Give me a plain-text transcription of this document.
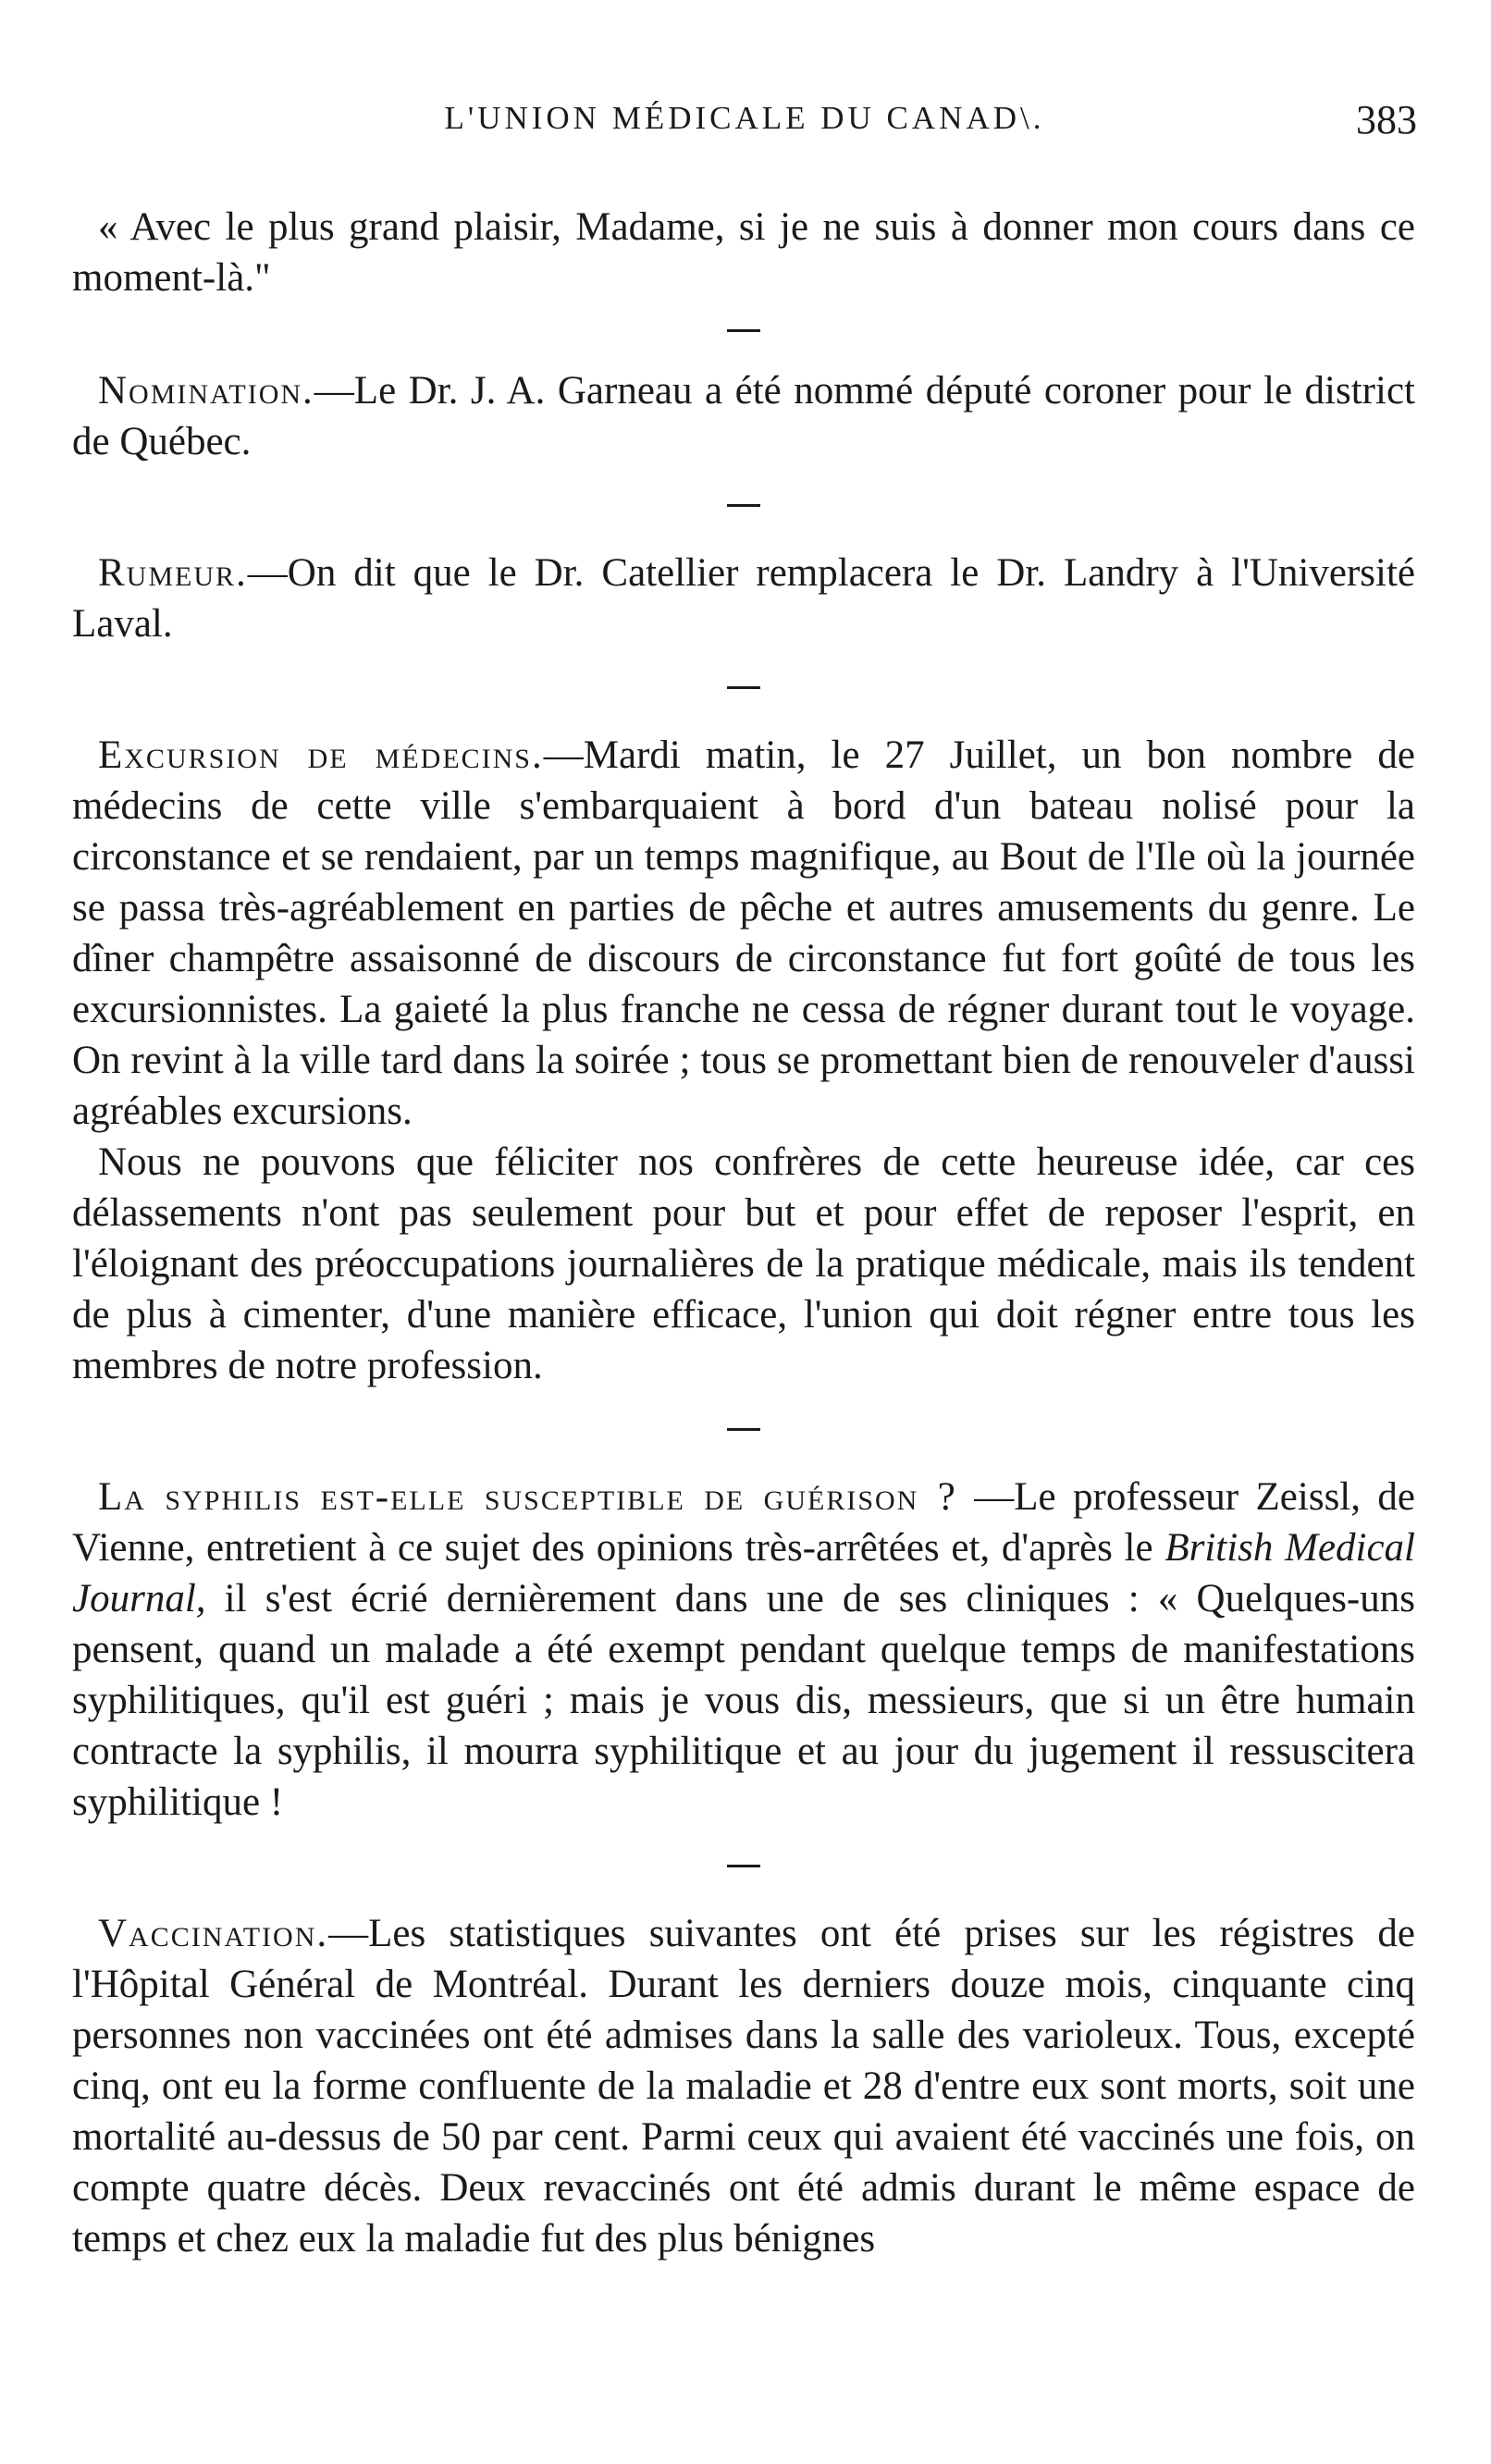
L'UNION MÉDICALE DU CANAD\.	383

« Avec le plus grand plaisir, Madame, si je ne suis à donner mon cours dans ce moment-là."

Nomination.—Le Dr. J. A. Garneau a été nommé député coroner pour le district de Québec.

Rumeur.—On dit que le Dr. Catellier remplacera le Dr. Landry à l'Université Laval.

Excursion de médecins.—Mardi matin, le 27 Juillet, un bon nombre de médecins de cette ville s'embarquaient à bord d'un bateau nolisé pour la circonstance et se rendaient, par un temps magnifique, au Bout de l'Ile où la journée se passa très-agréablement en parties de pêche et autres amusements du genre. Le dîner champêtre assaisonné de discours de circonstance fut fort goûté de tous les excursionnistes. La gaieté la plus franche ne cessa de régner durant tout le voyage. On revint à la ville tard dans la soirée ; tous se promettant bien de renouveler d'aussi agréables excursions.

Nous ne pouvons que féliciter nos confrères de cette heureuse idée, car ces délassements n'ont pas seulement pour but et pour effet de reposer l'esprit, en l'éloignant des préoccupations journalières de la pratique médicale, mais ils tendent de plus à cimenter, d'une manière efficace, l'union qui doit régner entre tous les membres de notre profession.

La syphilis est-elle susceptible de guérison ? —Le professeur Zeissl, de Vienne, entretient à ce sujet des opinions très-arrêtées et, d'après le British Medical Journal, il s'est écrié dernièrement dans une de ses cliniques : « Quelques-uns pensent, quand un malade a été exempt pendant quelque temps de manifestations syphilitiques, qu'il est guéri ; mais je vous dis, messieurs, que si un être humain contracte la syphilis, il mourra syphilitique et au jour du jugement il ressuscitera syphilitique !

Vaccination.—Les statistiques suivantes ont été prises sur les régistres de l'Hôpital Général de Montréal. Durant les derniers douze mois, cinquante cinq personnes non vaccinées ont été admises dans la salle des varioleux. Tous, excepté cinq, ont eu la forme confluente de la maladie et 28 d'entre eux sont morts, soit une mortalité au-dessus de 50 par cent. Parmi ceux qui avaient été vaccinés une fois, on compte quatre décès. Deux revaccinés ont été admis durant le même espace de temps et chez eux la maladie fut des plus bénignes
